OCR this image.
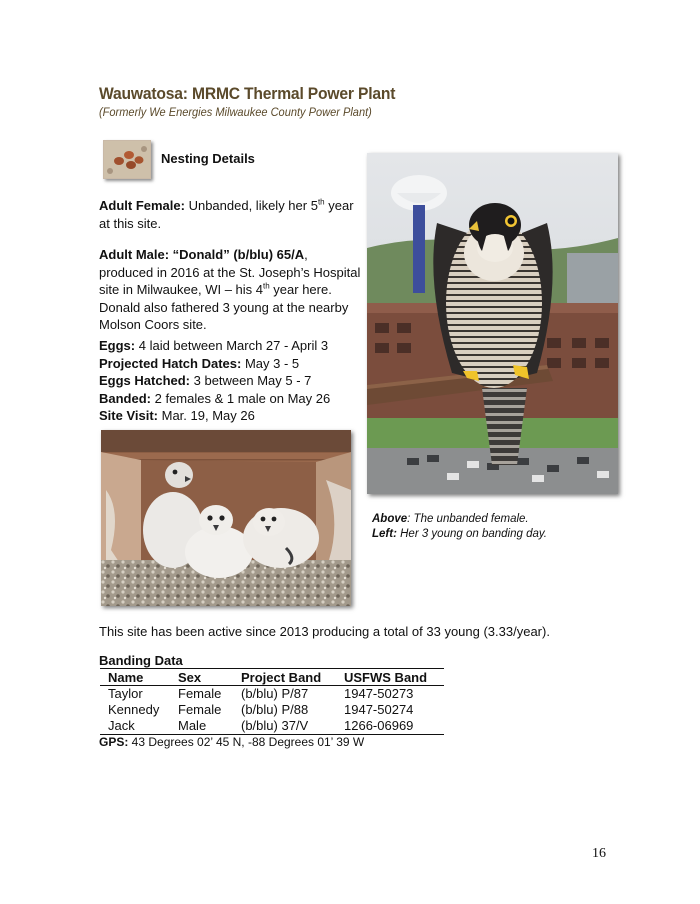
Wauwatosa: MRMC Thermal Power Plant
(Formerly We Energies Milwaukee County Power Plant)
Nesting Details
Adult Female: Unbanded, likely her 5th year at this site.
Adult Male: “Donald” (b/blu) 65/A, produced in 2016 at the St. Joseph’s Hospital site in Milwaukee, WI – his 4th year here. Donald also fathered 3 young at the nearby Molson Coors site.
Eggs: 4 laid between March 27 - April 3
Projected Hatch Dates: May 3 - 5
Eggs Hatched: 3 between May 5 - 7
Banded: 2 females & 1 male on May 26
Site Visit: Mar. 19, May 26
Above: The unbanded female.
Left: Her 3 young on banding day.
This site has been active since 2013 producing a total of 33 young (3.33/year).
Banding Data
Name	Sex	Project Band	USFWS Band
Taylor	Female	(b/blu) P/87	1947-50273
Kennedy	Female	(b/blu) P/88	1947-50274
Jack	Male	(b/blu) 37/V	1266-06969
GPS: 43 Degrees 02’ 45 N, -88 Degrees 01’ 39 W
16
